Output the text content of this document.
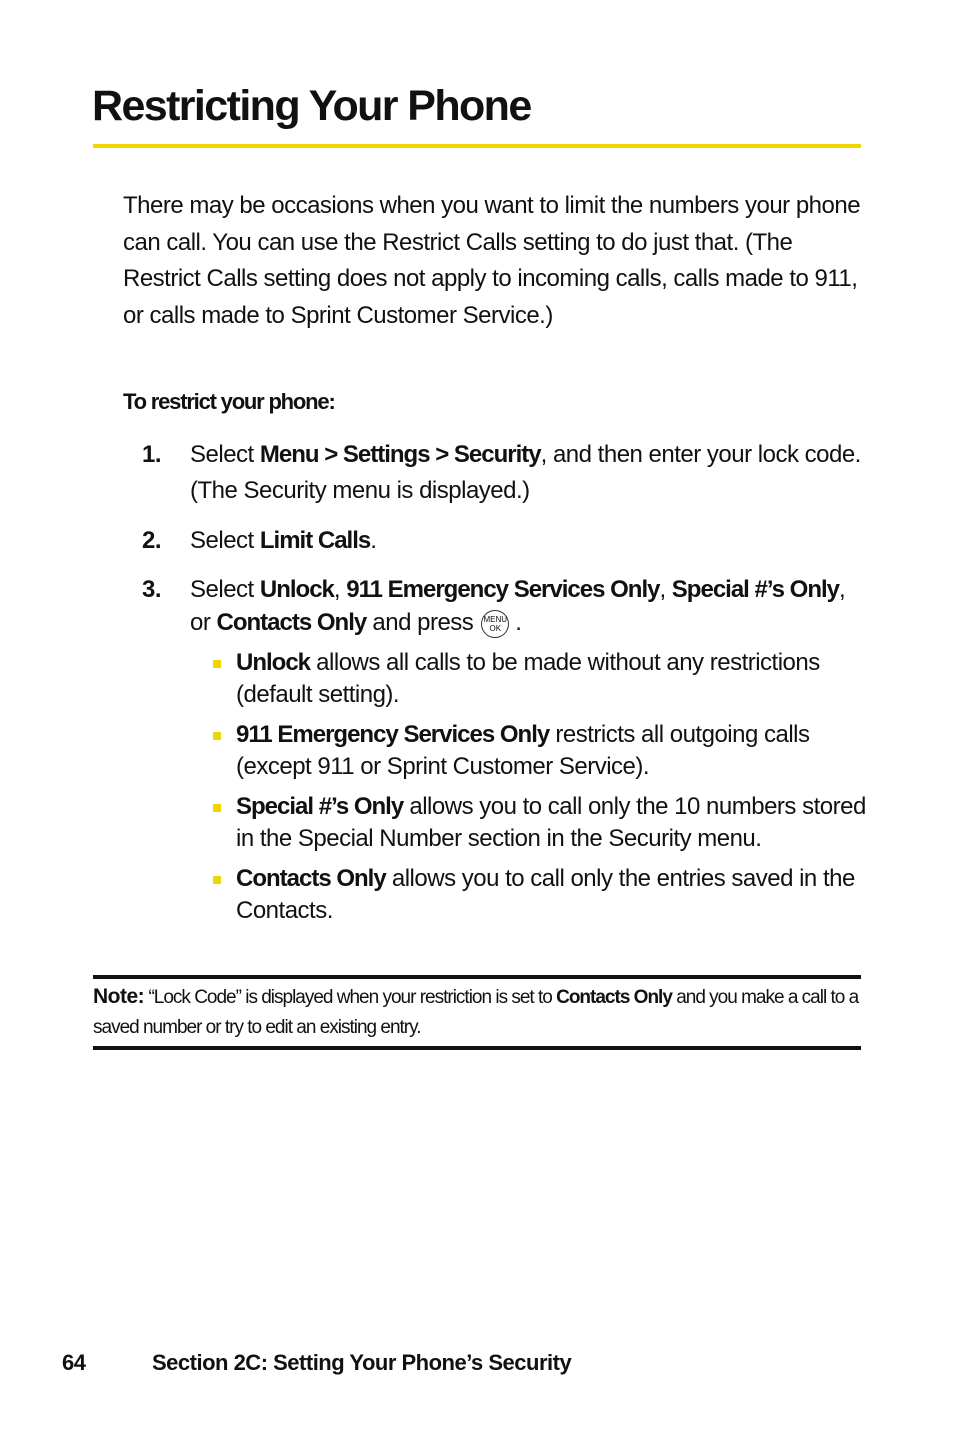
Restricting Your Phone

There may be occasions when you want to limit the numbers your phone can call. You can use the Restrict Calls setting to do just that. (The Restrict Calls setting does not apply to incoming calls, calls made to 911, or calls made to Sprint Customer Service.)

To restrict your phone:

1. Select Menu > Settings > Security, and then enter your lock code. (The Security menu is displayed.)
2. Select Limit Calls.
3. Select Unlock, 911 Emergency Services Only, Special #’s Only, or Contacts Only and press MENU
OK .
Unlock allows all calls to be made without any restrictions (default setting).
911 Emergency Services Only restricts all outgoing calls (except 911 or Sprint Customer Service).
Special #’s Only allows you to call only the 10 numbers stored in the Special Number section in the Security menu.
Contacts Only allows you to call only the entries saved in the Contacts.

Note: “Lock Code” is displayed when your restriction is set to Contacts Only and you make a call to a saved number or try to edit an existing entry.

64	Section 2C: Setting Your Phone’s Security
